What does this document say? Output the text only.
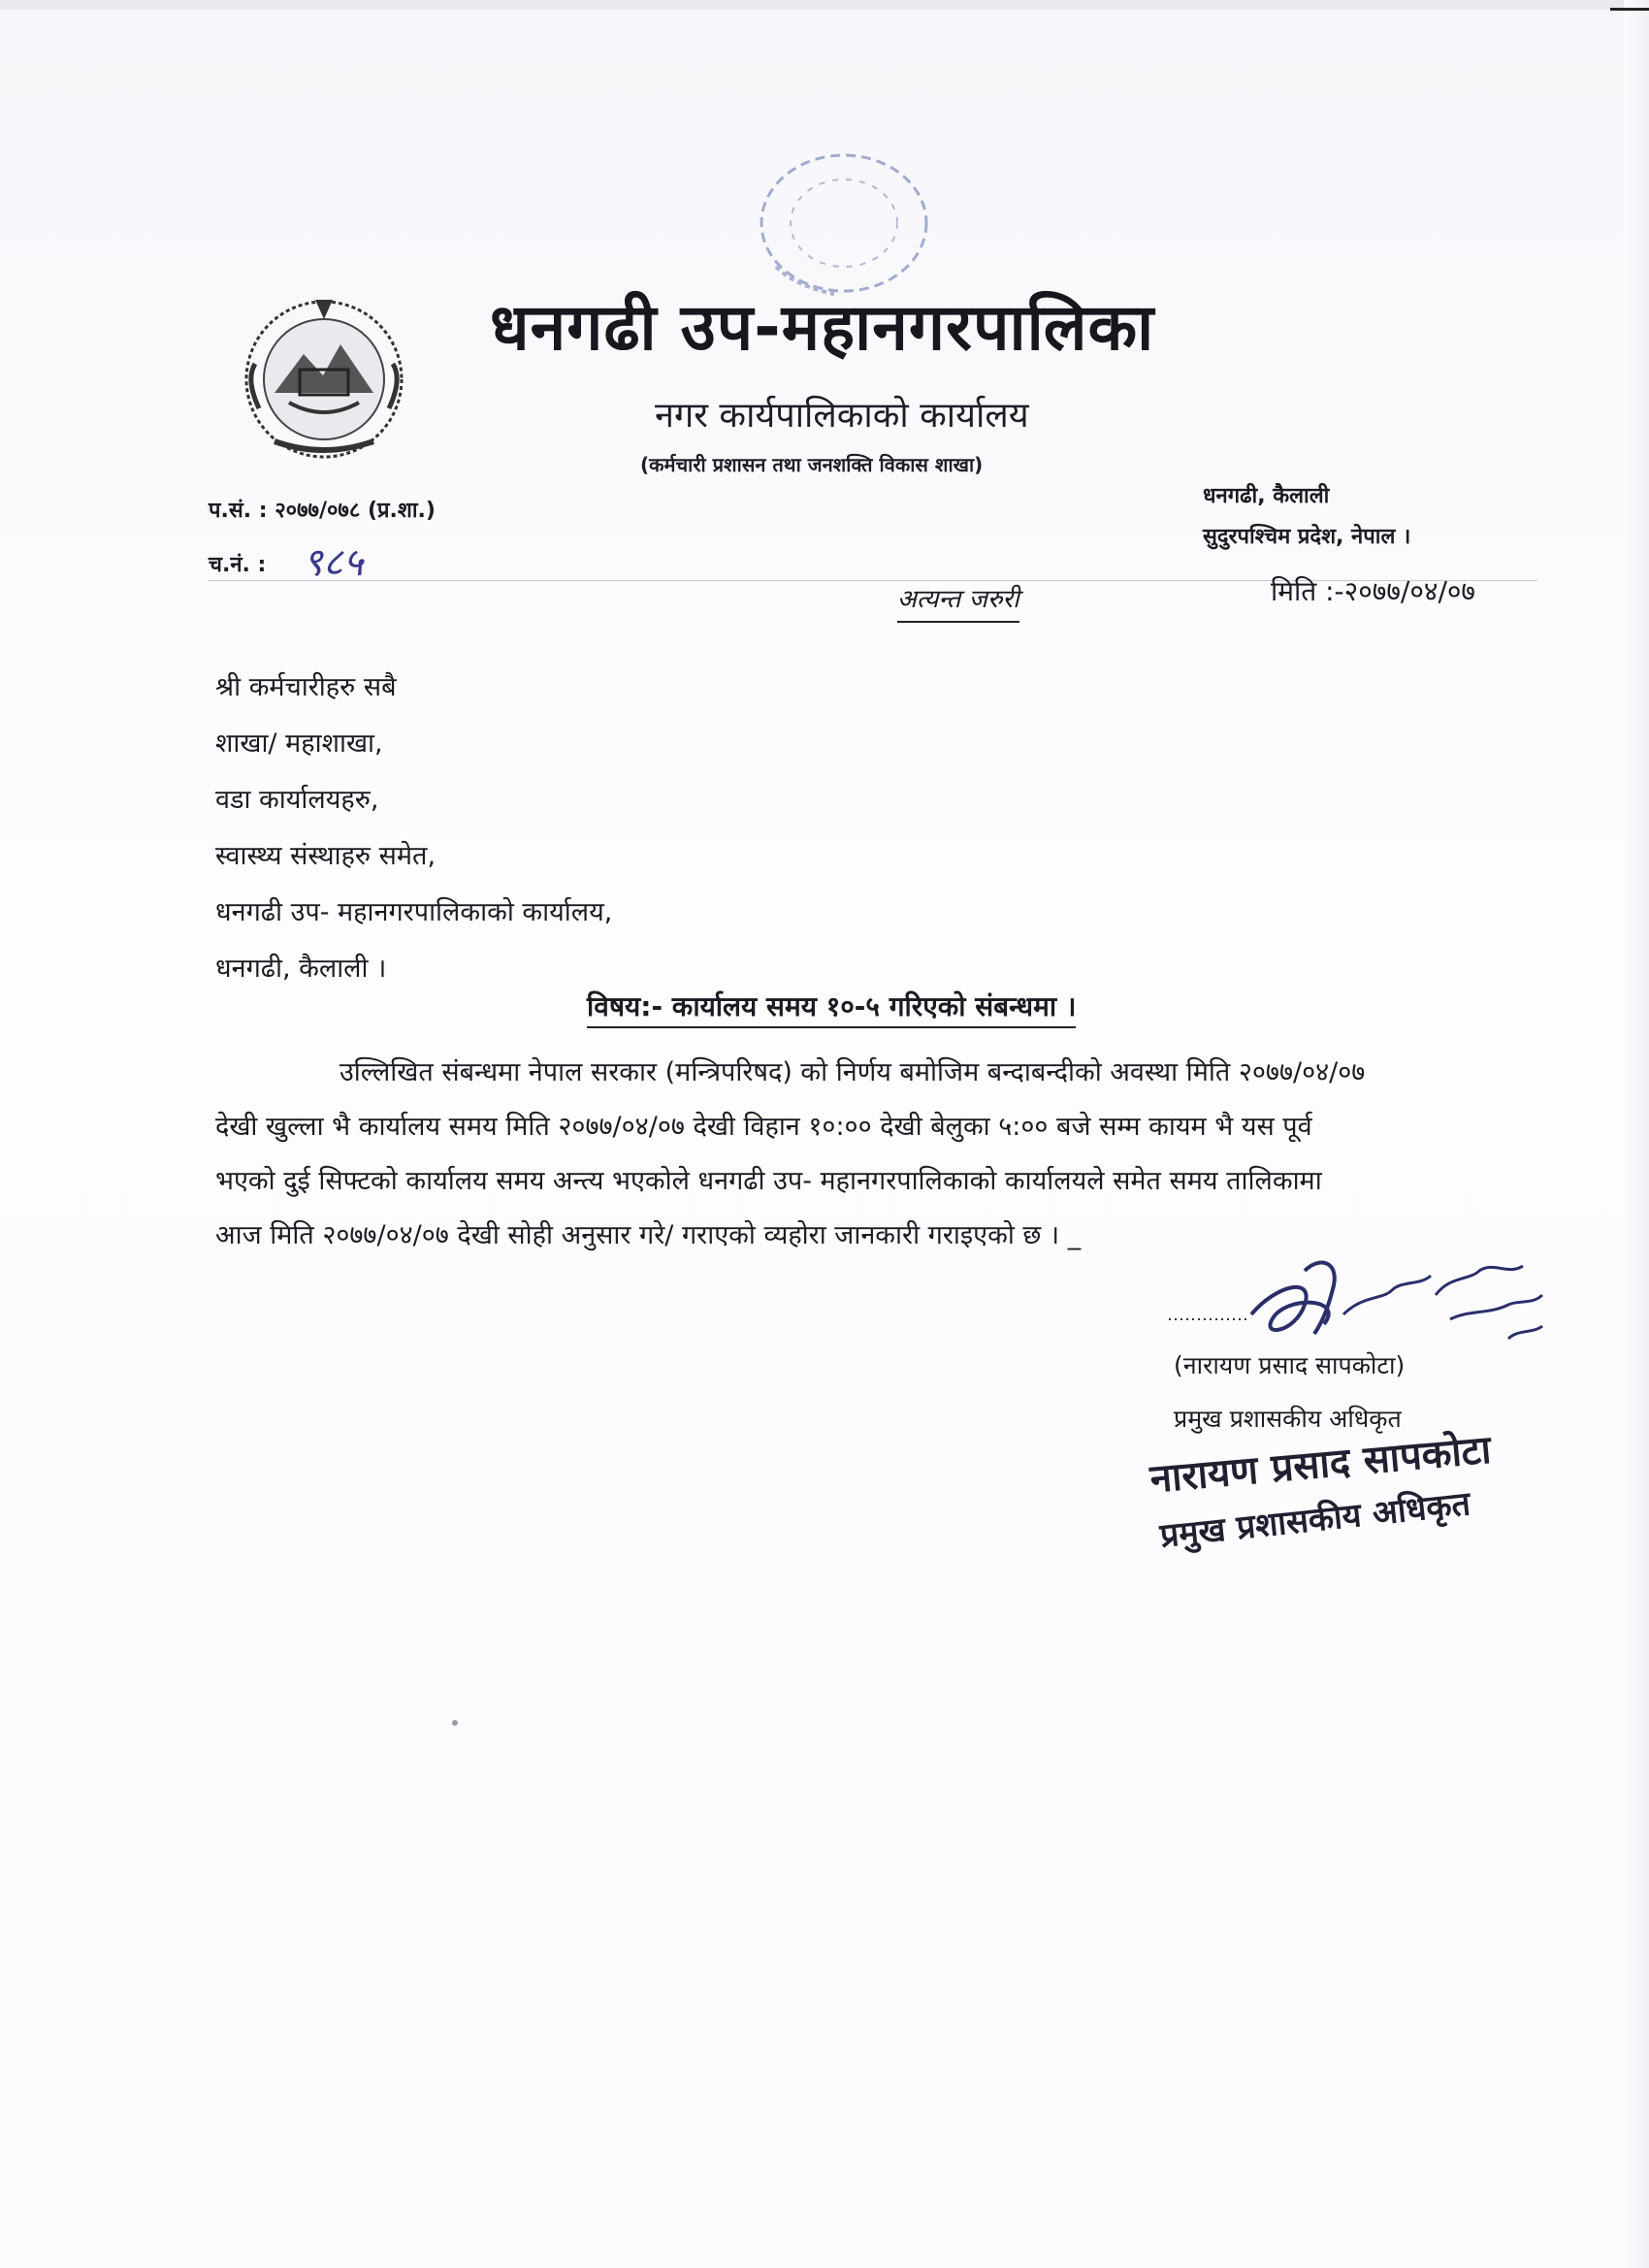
धनगढी उप-महानगरपालिका
नगर कार्यपालिकाको कार्यालय
(कर्मचारी प्रशासन तथा जनशक्ति विकास शाखा)
प.सं. : २०७७/०७८ (प्र.शा.)
च.नं. : ९८५
धनगढी, कैलाली
सुदुरपश्चिम प्रदेश, नेपाल ।
अत्यन्त जरुरी	मिति :-२०७७/०४/०७
श्री कर्मचारीहरु सबै
शाखा/ महाशाखा,
वडा कार्यालयहरु,
स्वास्थ्य संस्थाहरु समेत,
धनगढी उप- महानगरपालिकाको कार्यालय,
धनगढी, कैलाली ।
विषय:- कार्यालय समय १०-५ गरिएको संबन्धमा ।
उल्लिखित संबन्धमा नेपाल सरकार (मन्त्रिपरिषद) को निर्णय बमोजिम बन्दाबन्दीको अवस्था मिति २०७७/०४/०७
देखी खुल्ला भै कार्यालय समय मिति २०७७/०४/०७ देखी विहान १०:०० देखी बेलुका ५:०० बजे सम्म कायम भै यस पूर्व
भएको दुई सिफ्टको कार्यालय समय अन्त्य भएकोले धनगढी उप- महानगरपालिकाको कार्यालयले समेत समय तालिकामा
आज मिति २०७७/०४/०७ देखी सोही अनुसार गरे/ गराएको व्यहोरा जानकारी गराइएको छ । _
(नारायण प्रसाद सापकोटा)
प्रमुख प्रशासकीय अधिकृत
नारायण प्रसाद सापकोटा
प्रमुख प्रशासकीय अधिकृत
